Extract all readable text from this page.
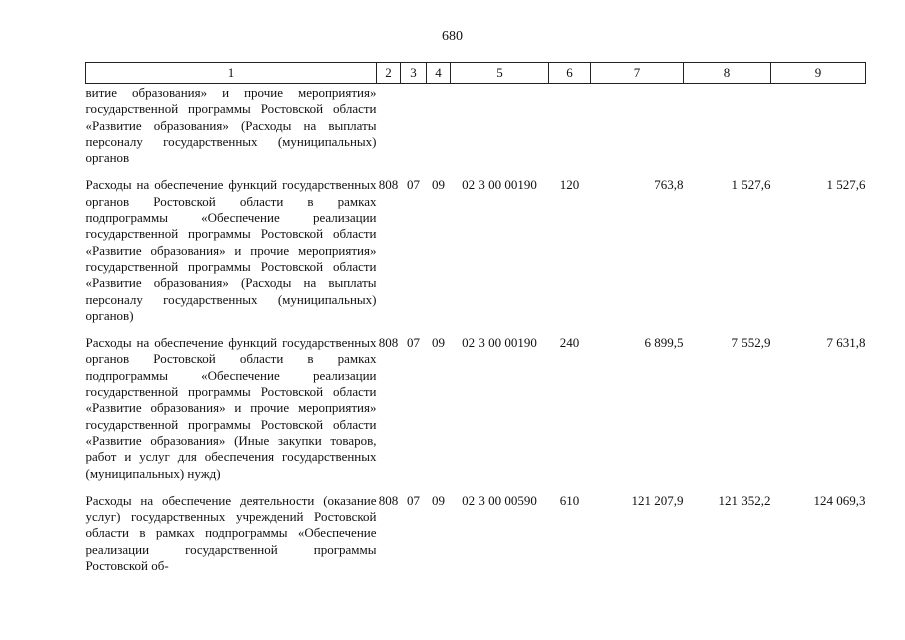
680
1	2	3	4	5	6	7	8	9
витие образования» и прочие мероприятия» государственной программы Ростовской области «Развитие образования» (Расходы на выплаты персоналу государственных (муниципальных) органов								
Расходы на обеспечение функций государственных органов Ростовской области в рамках подпрограммы «Обеспечение реализации государственной программы Ростовской области «Развитие образования» и прочие мероприятия» государственной программы Ростовской области «Развитие образования» (Расходы на выплаты персоналу государственных (муниципальных) органов)	808	07	09	02 3 00 00190	120	763,8	1 527,6	1 527,6
Расходы на обеспечение функций государственных органов Ростовской области в рамках подпрограммы «Обеспечение реализации государственной программы Ростовской области «Развитие образования» и прочие мероприятия» государственной программы Ростовской области «Развитие образования» (Иные закупки товаров, работ и услуг для обеспечения государственных (муниципальных) нужд)	808	07	09	02 3 00 00190	240	6 899,5	7 552,9	7 631,8
Расходы на обеспечение деятельности (оказание услуг) государственных учреждений Ростовской области в рамках подпрограммы «Обеспечение реализации государственной программы Ростовской об-	808	07	09	02 3 00 00590	610	121 207,9	121 352,2	124 069,3
